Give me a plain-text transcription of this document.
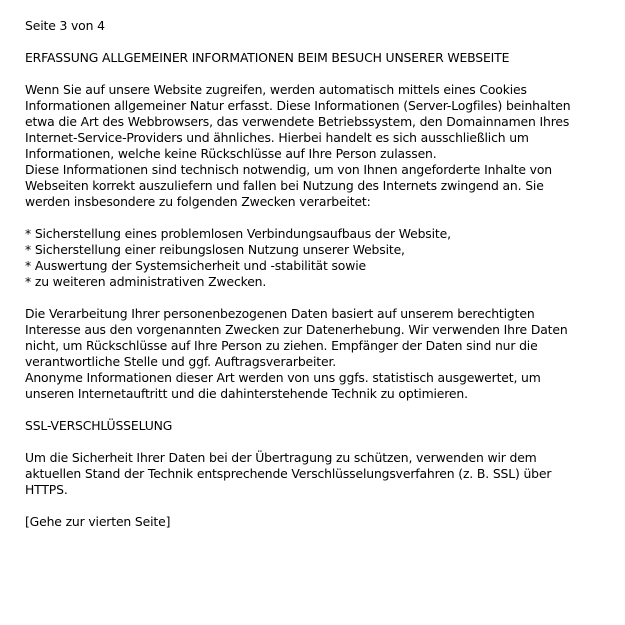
Seite 3 von 4
ERFASSUNG ALLGEMEINER INFORMATIONEN BEIM BESUCH UNSERER WEBSEITE
Wenn Sie auf unsere Website zugreifen, werden automatisch mittels eines Cookies
Informationen allgemeiner Natur erfasst. Diese Informationen (Server-Logfiles) beinhalten
etwa die Art des Webbrowsers, das verwendete Betriebssystem, den Domainnamen Ihres
Internet-Service-Providers und ähnliches. Hierbei handelt es sich ausschließlich um
Informationen, welche keine Rückschlüsse auf Ihre Person zulassen.
Diese Informationen sind technisch notwendig, um von Ihnen angeforderte Inhalte von
Webseiten korrekt auszuliefern und fallen bei Nutzung des Internets zwingend an. Sie
werden insbesondere zu folgenden Zwecken verarbeitet:
* Sicherstellung eines problemlosen Verbindungsaufbaus der Website,
* Sicherstellung einer reibungslosen Nutzung unserer Website,
* Auswertung der Systemsicherheit und -stabilität sowie
* zu weiteren administrativen Zwecken.
Die Verarbeitung Ihrer personenbezogenen Daten basiert auf unserem berechtigten
Interesse aus den vorgenannten Zwecken zur Datenerhebung. Wir verwenden Ihre Daten
nicht, um Rückschlüsse auf Ihre Person zu ziehen. Empfänger der Daten sind nur die
verantwortliche Stelle und ggf. Auftragsverarbeiter.
Anonyme Informationen dieser Art werden von uns ggfs. statistisch ausgewertet, um
unseren Internetauftritt und die dahinterstehende Technik zu optimieren.
SSL-VERSCHLÜSSELUNG
Um die Sicherheit Ihrer Daten bei der Übertragung zu schützen, verwenden wir dem
aktuellen Stand der Technik entsprechende Verschlüsselungsverfahren (z. B. SSL) über
HTTPS.
[Gehe zur vierten Seite]
